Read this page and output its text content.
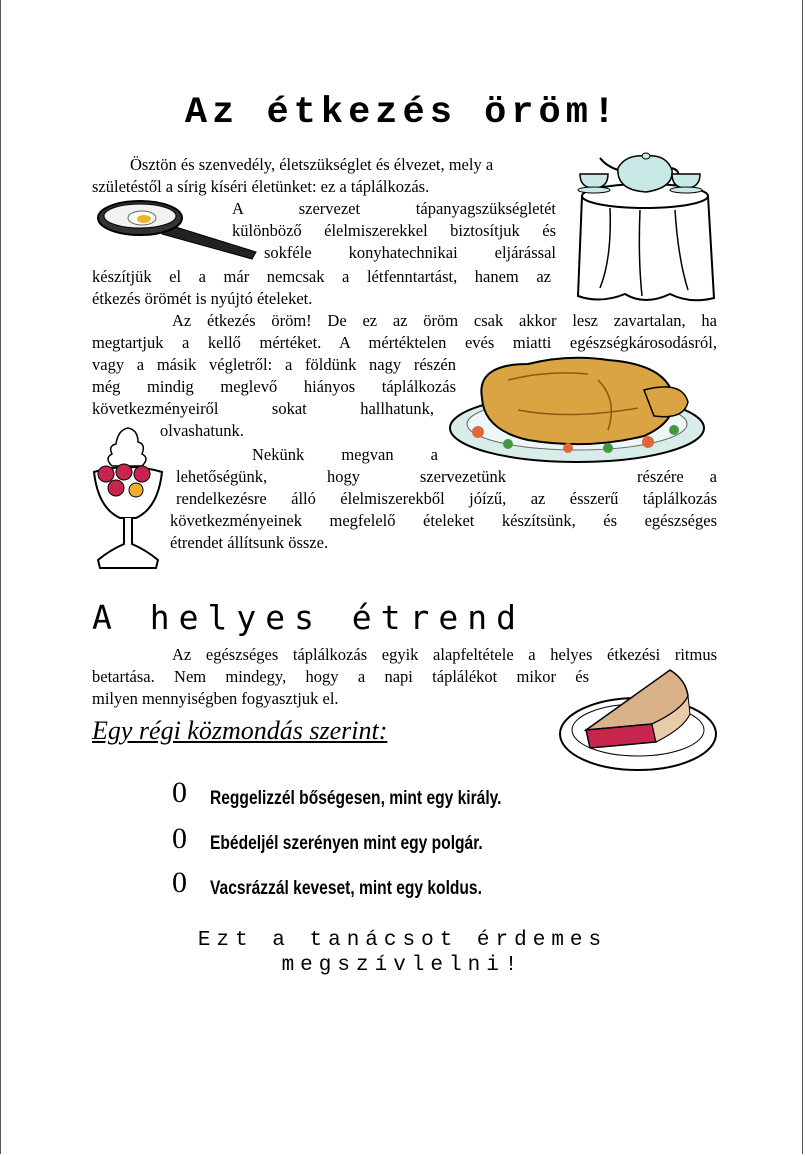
Az étkezés öröm!
Ösztön és szenvedély, életszükséglet és élvezet, mely a
születéstől a sírig kíséri életünket: ez a táplálkozás.
A szervezet tápanyagszükségletét
különböző élelmiszerekkel biztosítjuk és
sokféle konyhatechnikai eljárással
készítjük el a már nemcsak a létfenntartást, hanem az
étkezés örömét is nyújtó ételeket.
Az étkezés öröm! De ez az öröm csak akkor lesz zavartalan, ha
megtartjuk a kellő mértéket. A mértéktelen evés miatti egészségkárosodásról,
vagy a másik végletről: a földünk nagy részén
még mindig meglevő hiányos táplálkozás
következményeiről sokat hallhatunk,
olvashatunk.
Nekünk megvan a
lehetőségünk, hogy szervezetünk	részére a
rendelkezésre álló élelmiszerekből jóízű, az ésszerű táplálkozás
következményeinek megfelelő ételeket készítsünk, és egészséges
étrendet állítsunk össze.
A helyes étrend
Az egészséges táplálkozás egyik alapfeltétele a helyes étkezési ritmus
betartása. Nem mindegy, hogy a napi táplálékot mikor és
milyen mennyiségben fogyasztjuk el.
Egy régi közmondás szerint:
0 Reggelizzél bőségesen, mint egy király.
0 Ebédeljél szerényen mint egy polgár.
0 Vacsrázzál keveset, mint egy koldus.
Ezt a tanácsot érdemes
megszívlelni!
